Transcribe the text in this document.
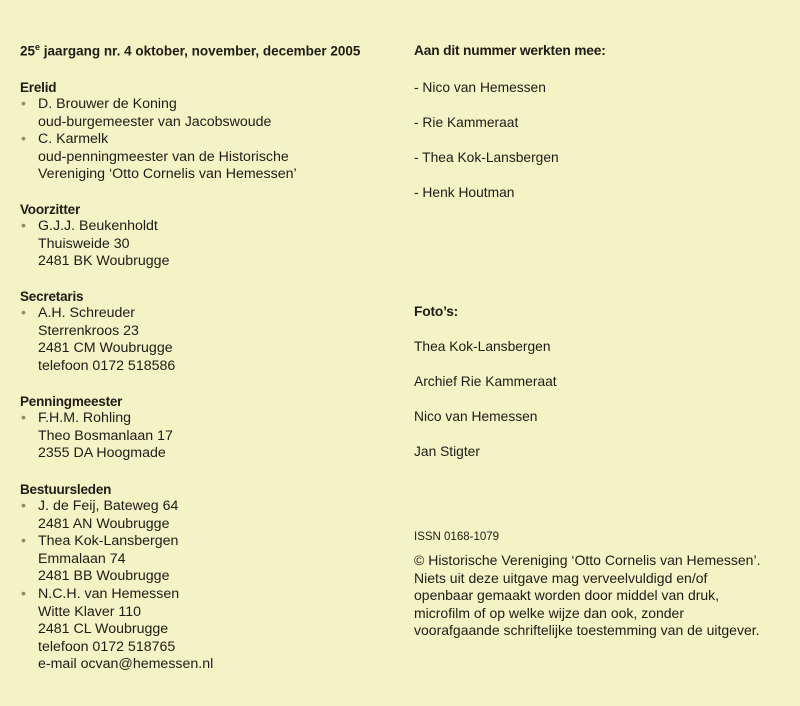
25e jaargang nr. 4 oktober, november, december 2005
Erelid
• D. Brouwer de Koning
oud-burgemeester van Jacobswoude
• C. Karmelk
oud-penningmeester van de Historische
Vereniging ‘Otto Cornelis van Hemessen’
Voorzitter
• G.J.J. Beukenholdt
Thuisweide 30
2481 BK Woubrugge
Secretaris
• A.H. Schreuder
Sterrenkroos 23
2481 CM Woubrugge
telefoon 0172 518586
Penningmeester
• F.H.M. Rohling
Theo Bosmanlaan 17
2355 DA Hoogmade
Bestuursleden
• J. de Feij, Bateweg 64
2481 AN Woubrugge
• Thea Kok-Lansbergen
Emmalaan 74
2481 BB Woubrugge
• N.C.H. van Hemessen
Witte Klaver 110
2481 CL Woubrugge
telefoon 0172 518765
e-mail ocvan@hemessen.nl
Aan dit nummer werkten mee:
- Nico van Hemessen
- Rie Kammeraat
- Thea Kok-Lansbergen
- Henk Houtman
Foto’s:
Thea Kok-Lansbergen
Archief Rie Kammeraat
Nico van Hemessen
Jan Stigter
ISSN 0168-1079
© Historische Vereniging ‘Otto Cornelis van Hemessen’.
Niets uit deze uitgave mag verveelvuldigd en/of
openbaar gemaakt worden door middel van druk,
microfilm of op welke wijze dan ook, zonder
voorafgaande schriftelijke toestemming van de uitgever.
